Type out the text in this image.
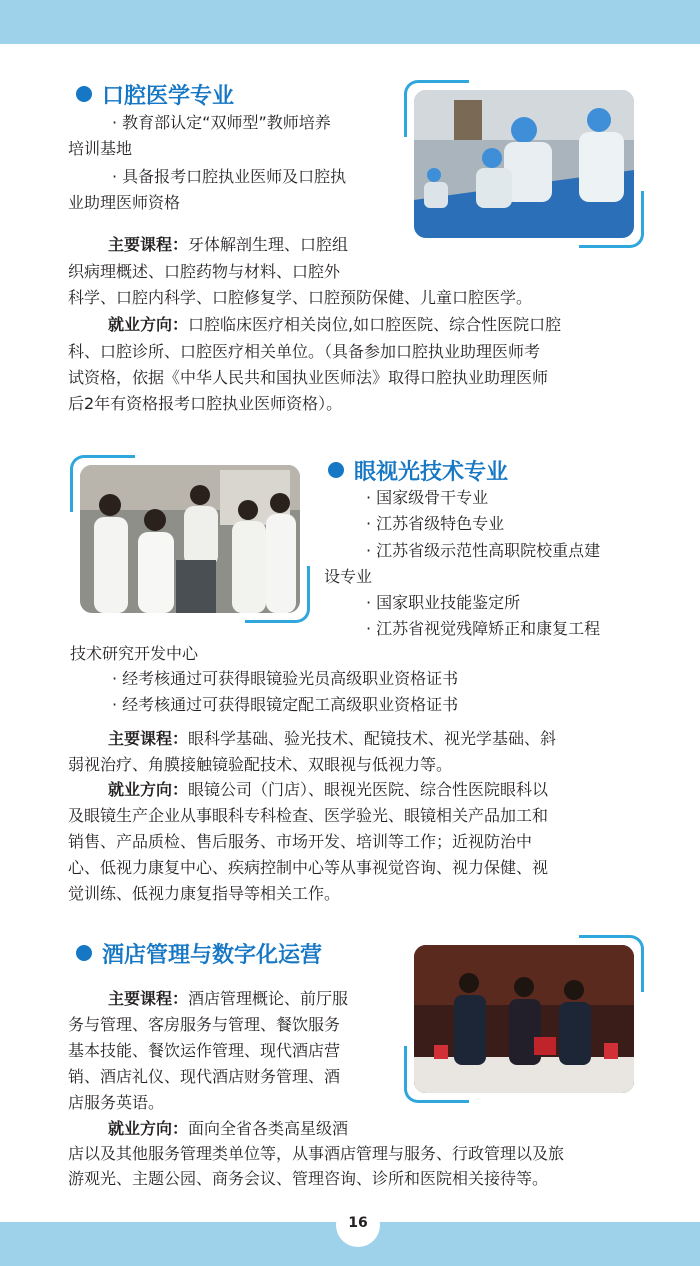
口腔医学专业
· 教育部认定“双师型”教师培养
培训基地
· 具备报考口腔执业医师及口腔执
业助理医师资格
主要课程：牙体解剖生理、口腔组
织病理概述、口腔药物与材料、口腔外
科学、口腔内科学、口腔修复学、口腔预防保健、儿童口腔医学。
就业方向：口腔临床医疗相关岗位,如口腔医院、综合性医院口腔
科、口腔诊所、口腔医疗相关单位。（具备参加口腔执业助理医师考
试资格，依据《中华人民共和国执业医师法》取得口腔执业助理医师
后2年有资格报考口腔执业医师资格）。
眼视光技术专业
· 国家级骨干专业
· 江苏省级特色专业
· 江苏省级示范性高职院校重点建
设专业
· 国家职业技能鉴定所
· 江苏省视觉残障矫正和康复工程
技术研究开发中心
· 经考核通过可获得眼镜验光员高级职业资格证书
· 经考核通过可获得眼镜定配工高级职业资格证书
主要课程：眼科学基础、验光技术、配镜技术、视光学基础、斜
弱视治疗、角膜接触镜验配技术、双眼视与低视力等。
就业方向：眼镜公司（门店）、眼视光医院、综合性医院眼科以
及眼镜生产企业从事眼科专科检查、医学验光、眼镜相关产品加工和
销售、产品质检、售后服务、市场开发、培训等工作；近视防治中
心、低视力康复中心、疾病控制中心等从事视觉咨询、视力保健、视
觉训练、低视力康复指导等相关工作。
酒店管理与数字化运营
主要课程：酒店管理概论、前厅服
务与管理、客房服务与管理、餐饮服务
基本技能、餐饮运作管理、现代酒店营
销、酒店礼仪、现代酒店财务管理、酒
店服务英语。
就业方向：面向全省各类高星级酒
店以及其他服务管理类单位等，从事酒店管理与服务、行政管理以及旅
游观光、主题公园、商务会议、管理咨询、诊所和医院相关接待等。
16
